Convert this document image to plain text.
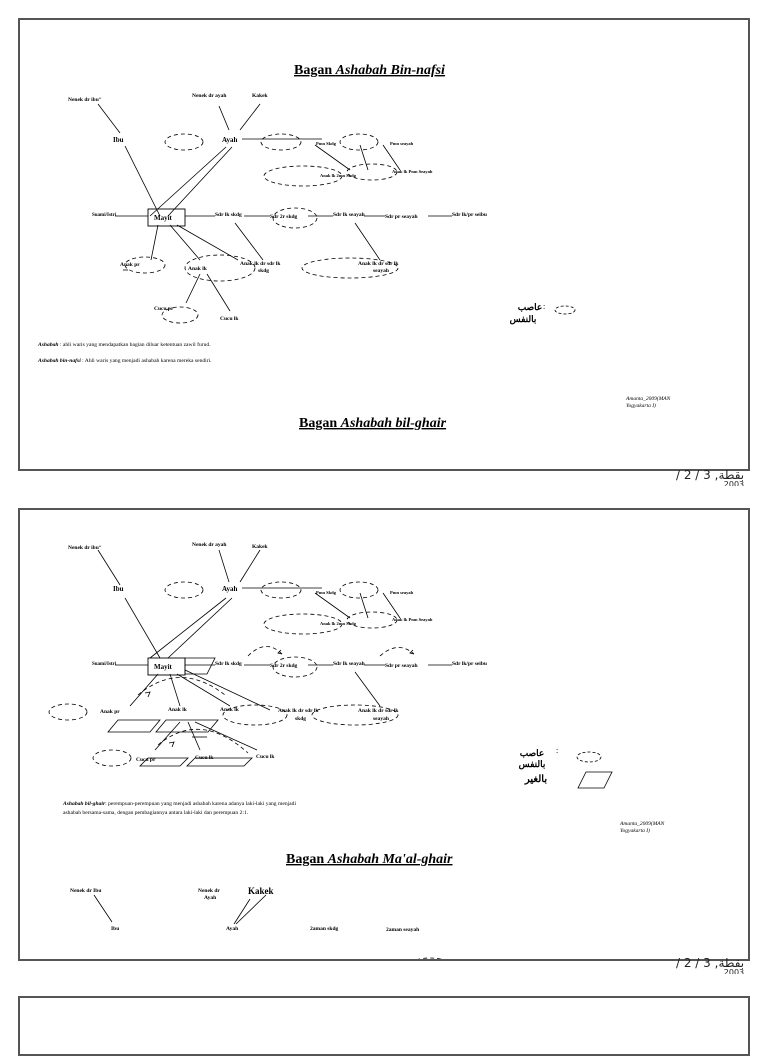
Bagan Ashabah Bin-nafsi
Nenek dr ibuʺ
Nenek dr ayah	Kakek
Ibu	Ayah	Pmn Skdg	Pmn seayah
Anak lk 2mn Skdg
Anak lk Pmn Seayah
Suami/Istri	Mayit	Sdr lk skdg	Sdr 2r skdg	Sdr lk seayah	Sdr pr seayah	Sdr lk/pr seibu
Anak pr
Anak lk
Anak lk dr sdr lk
skdg
Anak lk dr sdr lk
seayah
Cucu pr
Cucu lk
عاصب
بالنفس
:
Ashabah : ahli waris yang mendapatkan bagian diluar ketentuan zawil furud.
Ashabah bin-nafsi : Ahli waris yang menjadi ashabah karena mereka sendiri.
Amanta_2009(MAN
Yogyakarta I)
Bagan Ashabah bil-ghair
/ 2 / 3 ,بقطة
2003
Nenek dr ibuʺ	Nenek dr ayah	Kakek
Ibu	Ayah	Pmn Skdg	Pmn seayah
Anak lk 2mn Skdg
Anak lk Pmn Seayah
Suami/Istri	Mayit	Sdr lk skdg	Sdr 2r skdg	Sdr lk seayah	Sdr pr seayah	Sdr lk/pr seibu
Anak pr	Anak lk	Anak lk	Anak lk dr sdr lk
skdg
Anak lk dr sdr lk
seayah
Cucu pr	Cucu lk	Cucu lk	عاصب
بالنفس
بالغير
:
Ashabah bil-ghair: perempuan-perempuan yang menjadi ashabah karena adanya laki-laki yang menjadi
ashabah bersama-sama, dengan pembagiannya antara laki-laki dan perempuan 2:1.
Amanta_2009(MAN
Yogyakarta I)
Bagan Ashabah Ma'al-ghair
Nenek dr Ibu	Nenek dr
Ayah
Kakek
Ibu	Ayah	2aman skdg	2aman seayah
/ 2 / 3 ,بقطة
2003
